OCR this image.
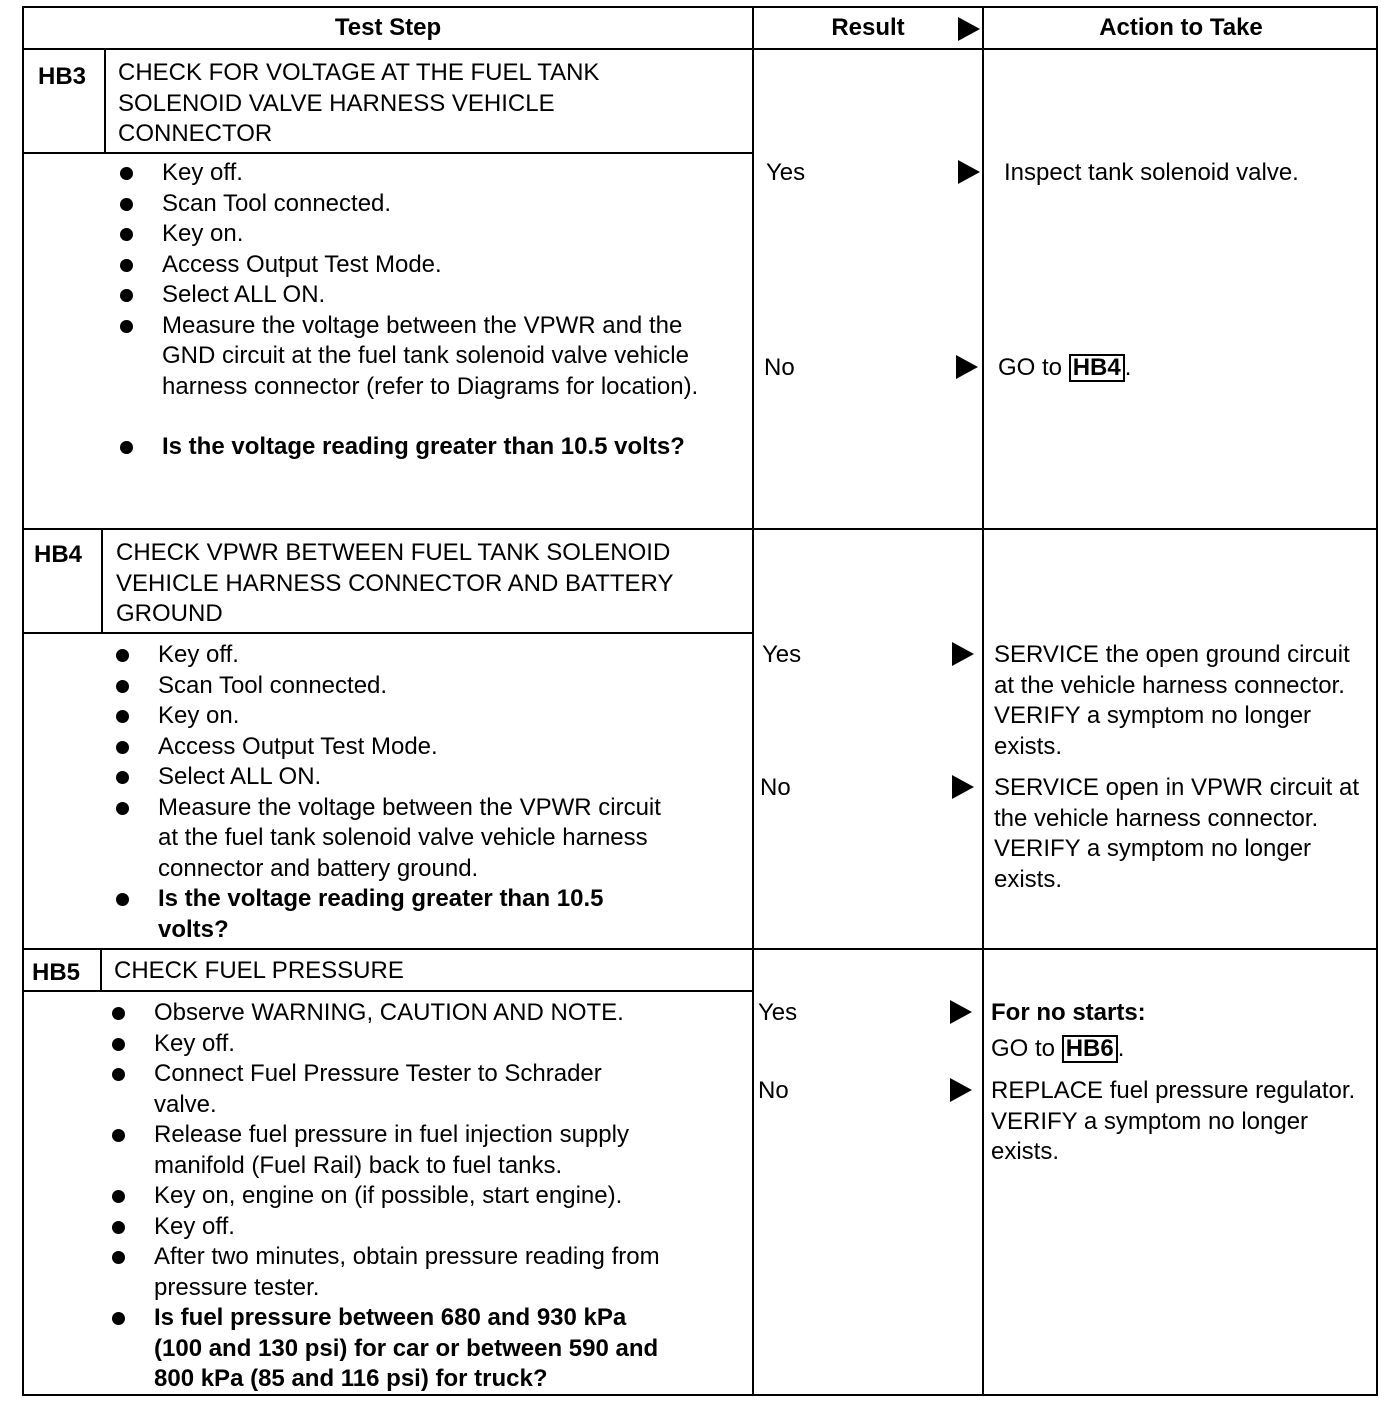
Test Step	Result	Action to Take
HB3 CHECK FOR VOLTAGE AT THE FUEL TANK SOLENOID VALVE HARNESS VEHICLE CONNECTOR
Key off.
Scan Tool connected.
Key on.
Access Output Test Mode.
Select ALL ON.
Measure the voltage between the VPWR and the GND circuit at the fuel tank solenoid valve vehicle harness connector (refer to Diagrams for location).
Is the voltage reading greater than 10.5 volts?
Yes	Inspect tank solenoid valve.
No	GO to HB4 .
HB4 CHECK VPWR BETWEEN FUEL TANK SOLENOID VEHICLE HARNESS CONNECTOR AND BATTERY GROUND
Key off.
Scan Tool connected.
Key on.
Access Output Test Mode.
Select ALL ON.
Measure the voltage between the VPWR circuit at the fuel tank solenoid valve vehicle harness connector and battery ground.
Is the voltage reading greater than 10.5 volts?
Yes	SERVICE the open ground circuit at the vehicle harness connector. VERIFY a symptom no longer exists.
No	SERVICE open in VPWR circuit at the vehicle harness connector. VERIFY a symptom no longer exists.
HB5 CHECK FUEL PRESSURE
Observe WARNING, CAUTION AND NOTE.
Key off.
Connect Fuel Pressure Tester to Schrader valve.
Release fuel pressure in fuel injection supply manifold (Fuel Rail) back to fuel tanks.
Key on, engine on (if possible, start engine).
Key off.
After two minutes, obtain pressure reading from pressure tester.
Is fuel pressure between 680 and 930 kPa (100 and 130 psi) for car or between 590 and 800 kPa (85 and 116 psi) for truck?
Yes	For no starts:
GO to HB6 .
No	REPLACE fuel pressure regulator. VERIFY a symptom no longer exists.
